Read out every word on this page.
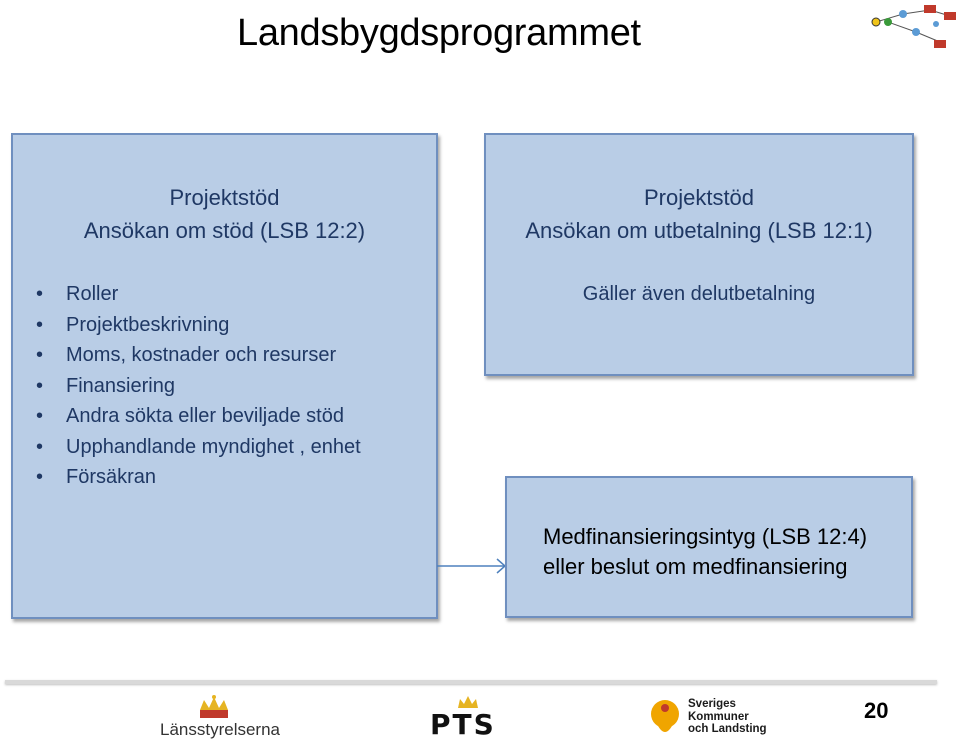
Landsbygdsprogrammet
Projektstöd
Ansökan om stöd (LSB 12:2)
• Roller
• Projektbeskrivning
• Moms, kostnader och resurser
• Finansiering
• Andra sökta eller beviljade stöd
• Upphandlande myndighet , enhet
• Försäkran
Projektstöd
Ansökan om utbetalning (LSB 12:1)
Gäller även delutbetalning
Medfinansieringsintyg (LSB 12:4)
eller beslut om medfinansiering
Länsstyrelserna	PTS
Sveriges
Kommuner
och Landsting
20
